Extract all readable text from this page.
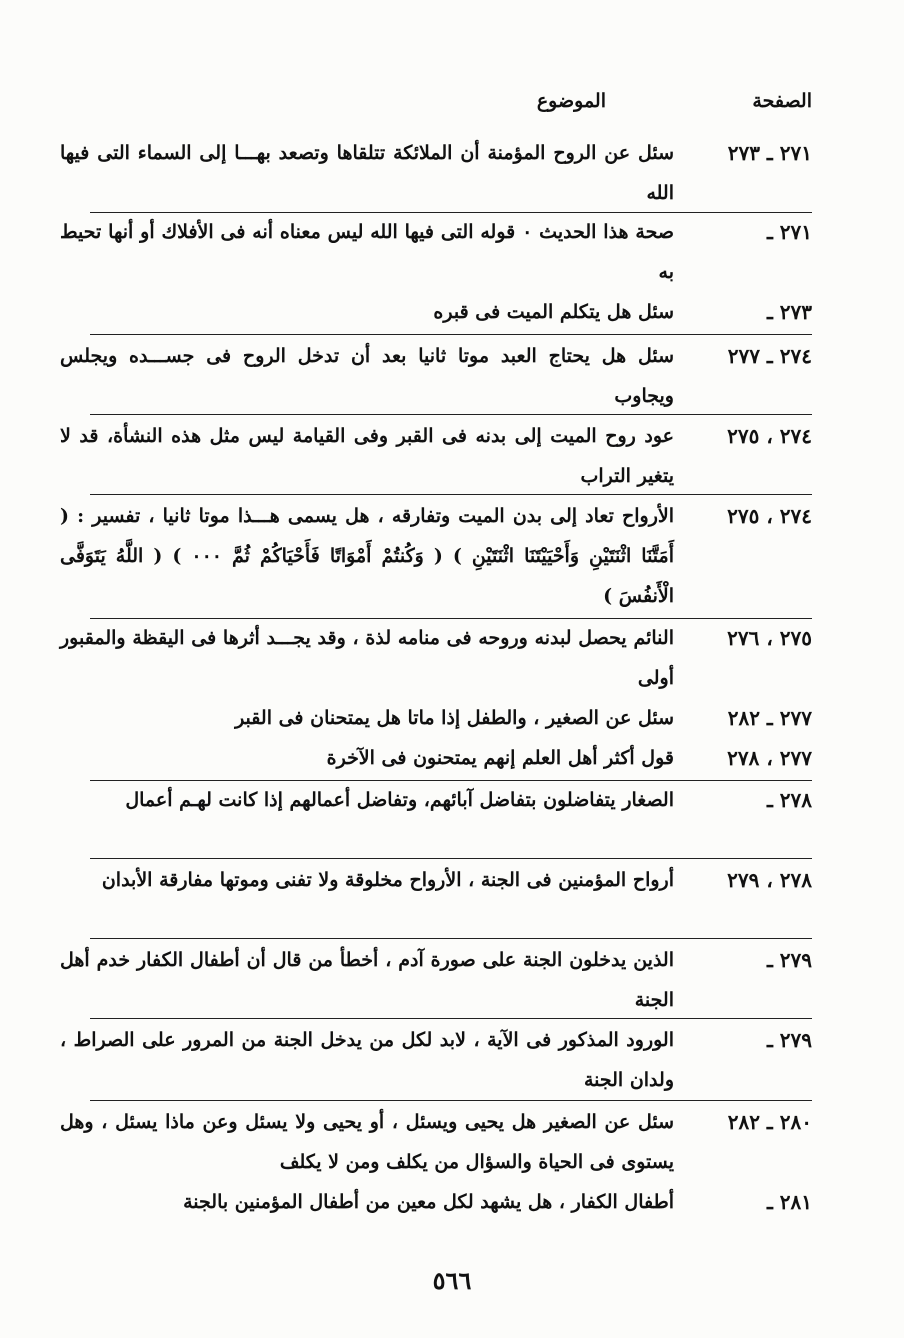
الصفحة
الموضوع
٢٧١ ـ ٢٧٣
سئل عن الروح المؤمنة أن الملائكة تتلقاها وتصعد بهـــا إلى السماء التى فيها الله
٢٧١ ـ
صحة هذا الحديث ٠ قوله التى فيها الله ليس معناه أنه فى الأفلاك أو أنها تحيط به
٢٧٣ ـ
سئل هل يتكلم الميت فى قبره
٢٧٤ ـ ٢٧٧
سئل هل يحتاج العبد موتا ثانيا بعد أن تدخل الروح فى جســـده ويجلس ويجاوب
٢٧٤ ، ٢٧٥
عود روح الميت إلى بدنه فى القبر وفى القيامة ليس مثل هذه النشأة، قد لا يتغير التراب
٢٧٤ ، ٢٧٥
الأرواح تعاد إلى بدن الميت وتفارقه ، هل يسمى هـــذا موتا ثانيا ، تفسير : ( أَمَتَّنَا اثْنَتَيْنِ وَأَحْيَيْتَنَا اثْنَتَيْنِ ) ( وَكُنتُمْ أَمْوَاتًا فَأَحْيَاكُمْ ثُمَّ ٠٠٠ ) ( اللَّهُ يَتَوَفَّى الْأَنفُسَ )
٢٧٥ ، ٢٧٦
النائم يحصل لبدنه وروحه فى منامه لذة ، وقد يجـــد أثرها فى اليقظة والمقبور أولى
٢٧٧ ـ ٢٨٢
سئل عن الصغير ، والطفل إذا ماتا هل يمتحنان فى القبر
٢٧٧ ، ٢٧٨
قول أكثر أهل العلم إنهم يمتحنون فى الآخرة
٢٧٨ ـ
الصغار يتفاضلون بتفاضل آبائهم، وتفاضل أعمالهم إذا كانت لهـم أعمال
٢٧٨ ، ٢٧٩
أرواح المؤمنين فى الجنة ، الأرواح مخلوقة ولا تفنى وموتها مفارقة الأبدان
٢٧٩ ـ
الذين يدخلون الجنة على صورة آدم ، أخطأ من قال أن أطفال الكفار خدم أهل الجنة
٢٧٩ ـ
الورود المذكور فى الآية ، لابد لكل من يدخل الجنة من المرور على الصراط ، ولدان الجنة
٢٨٠ ـ ٢٨٢
سئل عن الصغير هل يحيى ويسئل ، أو يحيى ولا يسئل وعن ماذا يسئل ، وهل يستوى فى الحياة والسؤال من يكلف ومن لا يكلف
٢٨١ ـ
أطفال الكفار ، هل يشهد لكل معين من أطفال المؤمنين بالجنة
٥٦٦
